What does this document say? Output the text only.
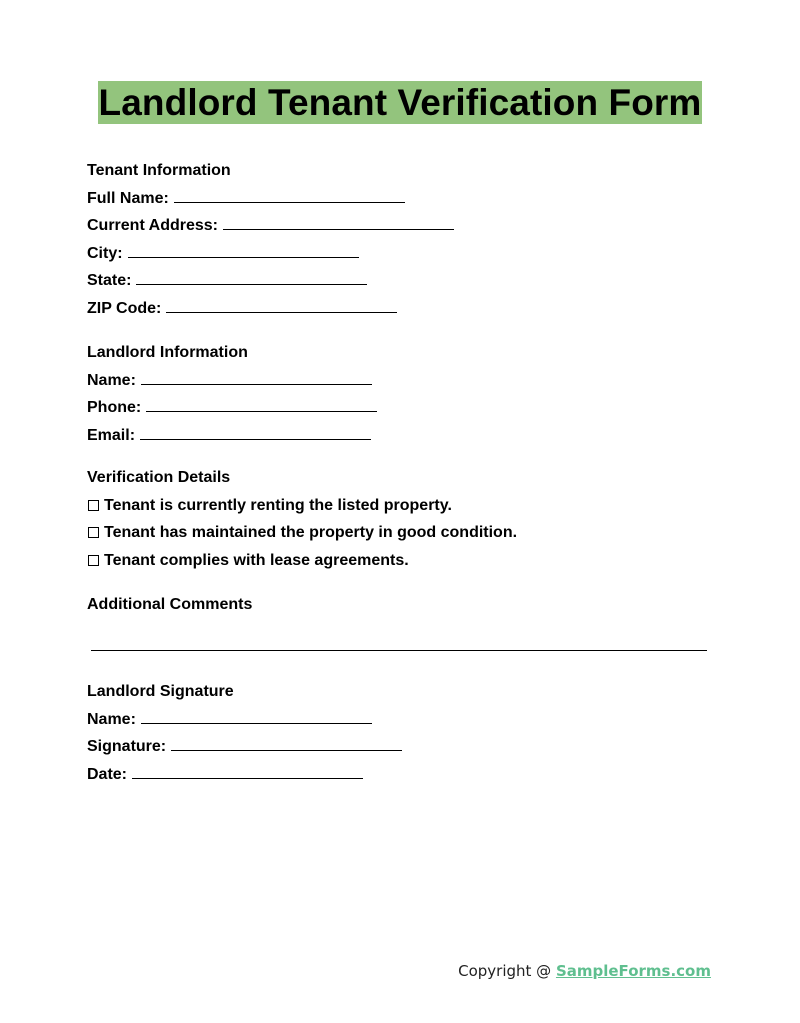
Landlord Tenant Verification Form
Tenant Information
Full Name:
Current Address:
City:
State:
ZIP Code:
Landlord Information
Name:
Phone:
Email:
Verification Details
Tenant is currently renting the listed property.
Tenant has maintained the property in good condition.
Tenant complies with lease agreements.
Additional Comments
Landlord Signature
Name:
Signature:
Date:
Copyright @ SampleForms.com
